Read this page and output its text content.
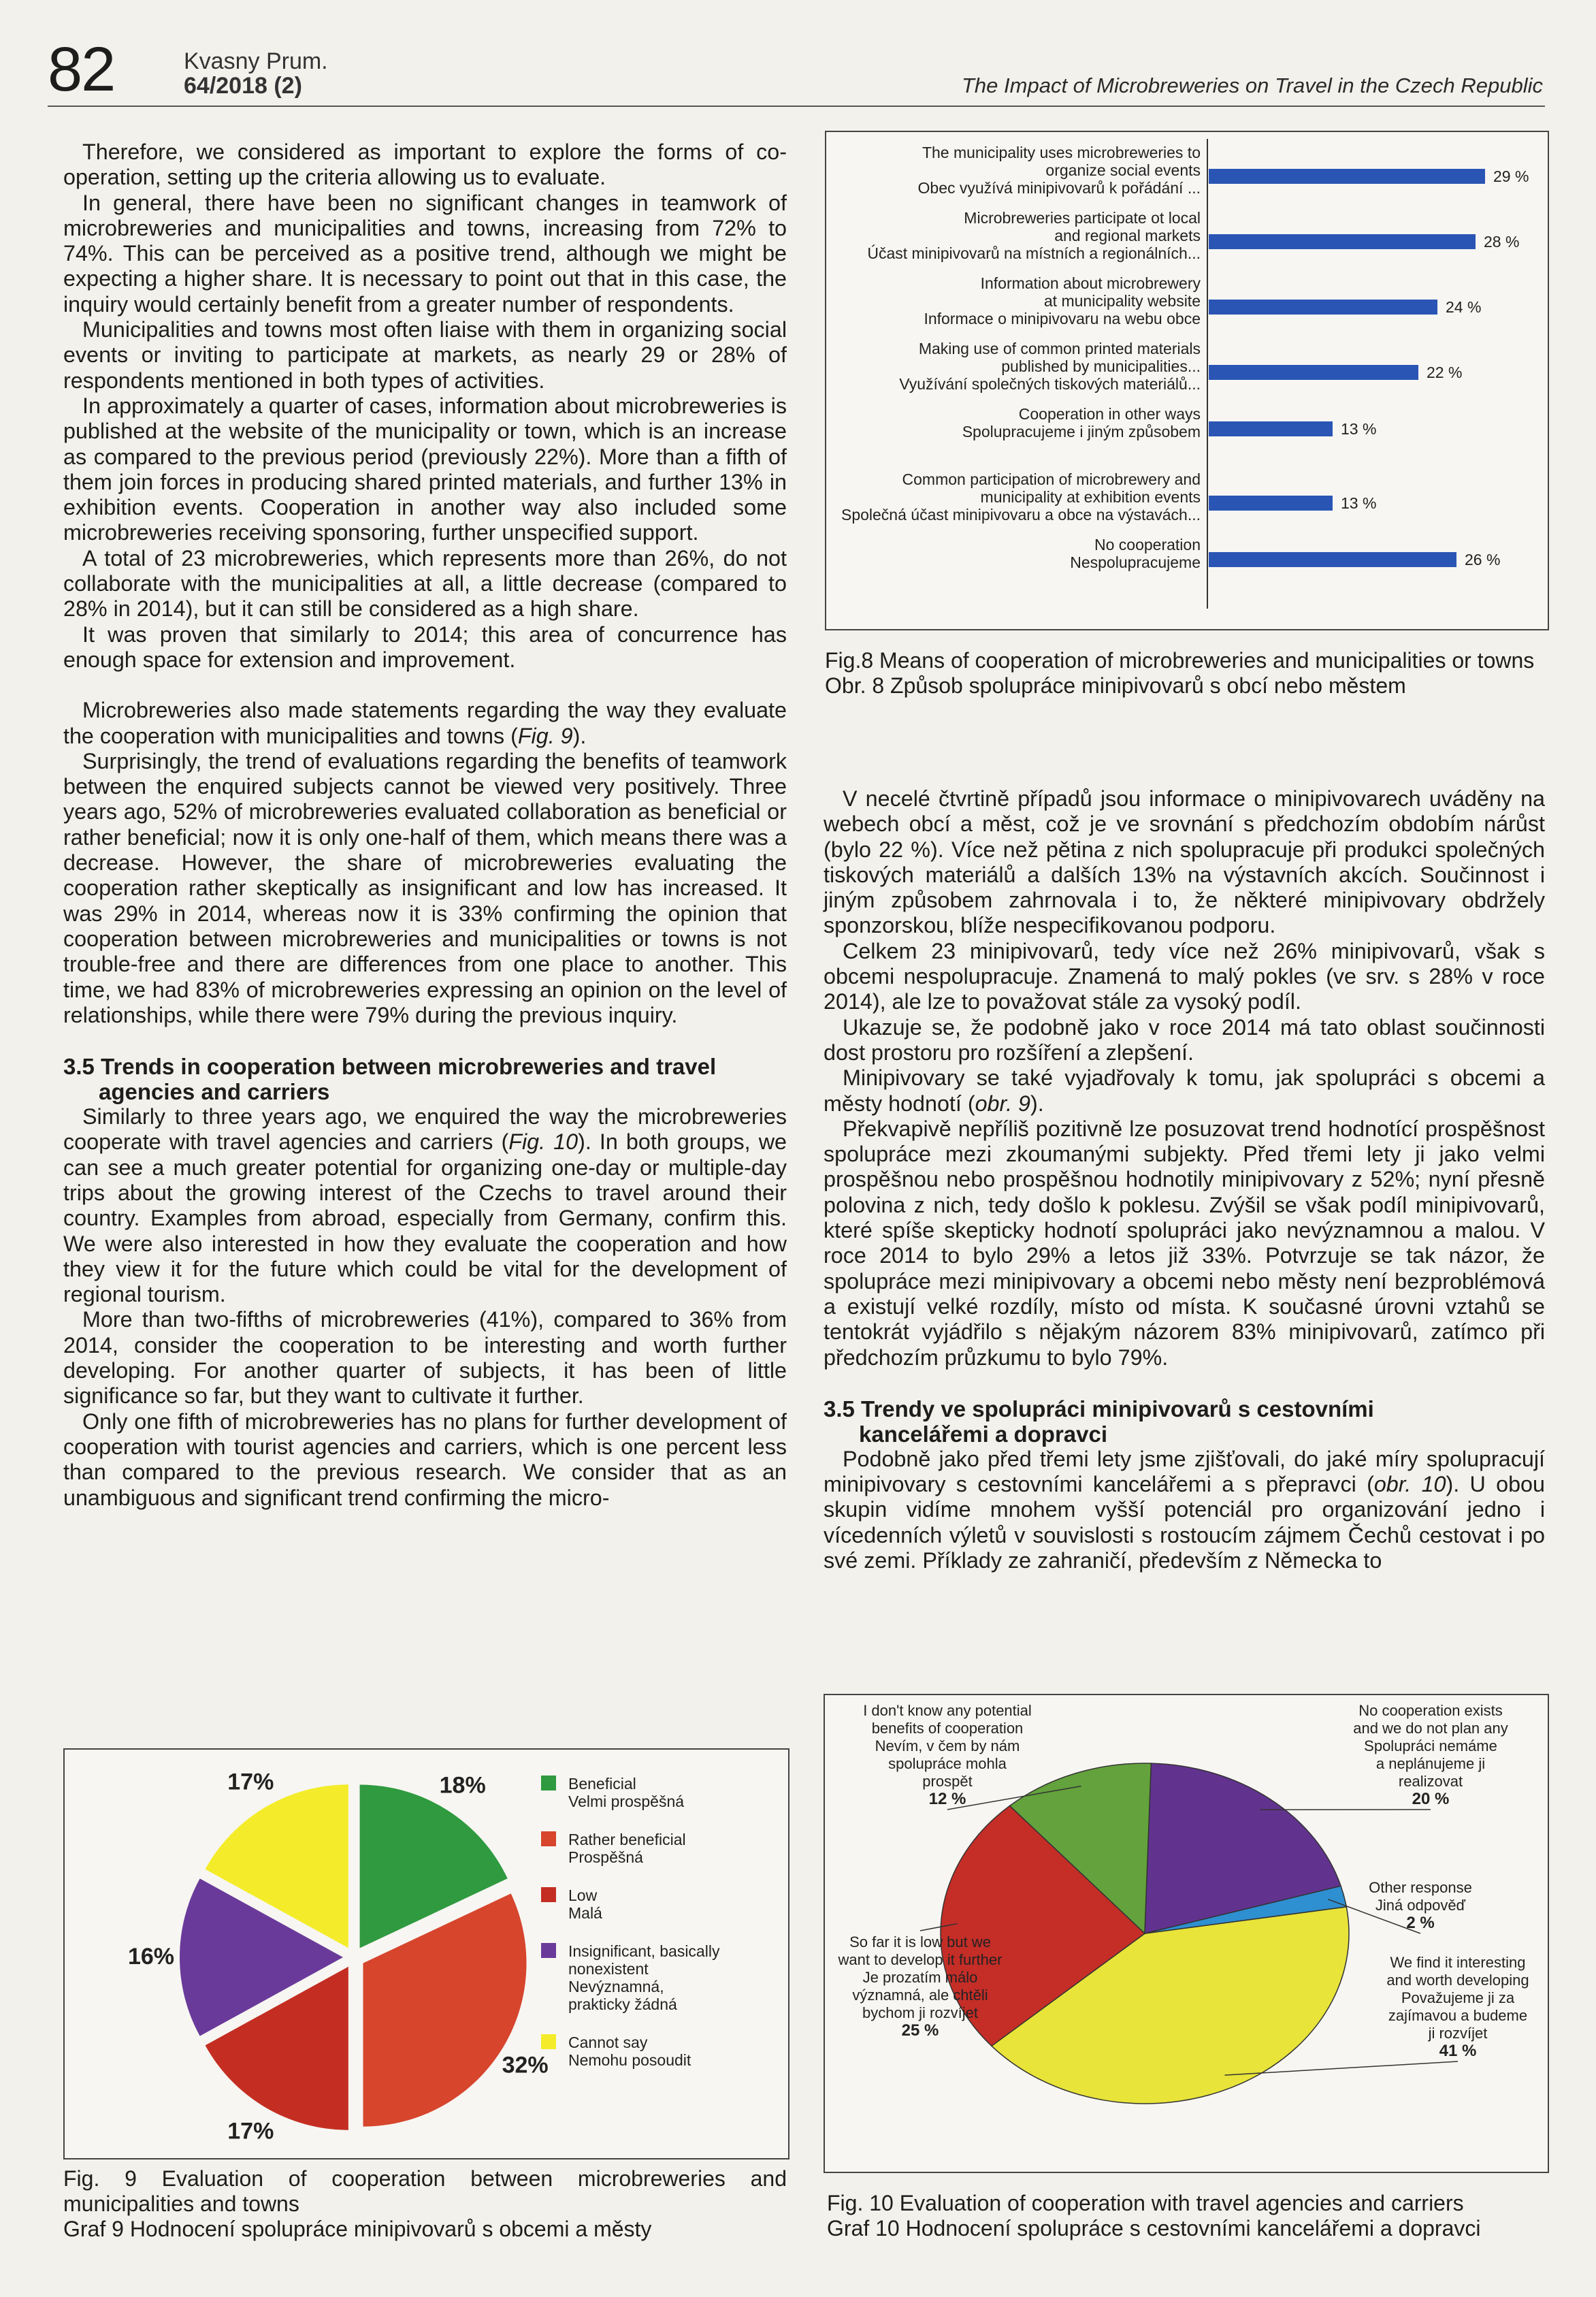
82	Kvasny Prum.
64/2018 (2)	The Impact of Microbreweries on Travel in the Czech Republic

Therefore, we considered as important to explore the forms of co-operation, setting up the criteria allowing us to evaluate.

In general, there have been no significant changes in teamwork of microbreweries and municipalities and towns, increasing from 72% to 74%. This can be perceived as a positive trend, although we might be expecting a higher share. It is necessary to point out that in this case, the inquiry would certainly benefit from a greater number of respondents.

Municipalities and towns most often liaise with them in organizing social events or inviting to participate at markets, as nearly 29 or 28% of respondents mentioned in both types of activities.

In approximately a quarter of cases, information about microbreweries is published at the website of the municipality or town, which is an increase as compared to the previous period (previously 22%). More than a fifth of them join forces in producing shared printed materials, and further 13% in exhibition events. Cooperation in another way also included some microbreweries receiving sponsoring, further unspecified support.

A total of 23 microbreweries, which represents more than 26%, do not collaborate with the municipalities at all, a little decrease (compared to 28% in 2014), but it can still be considered as a high share.

It was proven that similarly to 2014; this area of concurrence has enough space for extension and improvement.

Microbreweries also made statements regarding the way they evaluate the cooperation with municipalities and towns (Fig. 9).

Surprisingly, the trend of evaluations regarding the benefits of teamwork between the enquired subjects cannot be viewed very positively. Three years ago, 52% of microbreweries evaluated collaboration as beneficial or rather beneficial; now it is only one-half of them, which means there was a decrease. However, the share of microbreweries evaluating the cooperation rather skeptically as insignificant and low has increased. It was 29% in 2014, whereas now it is 33% confirming the opinion that cooperation between microbreweries and municipalities or towns is not trouble-free and there are differences from one place to another. This time, we had 83% of microbreweries expressing an opinion on the level of relationships, while there were 79% during the previous inquiry.

3.5 Trends in cooperation between microbreweries and travel
agencies and carriers

Similarly to three years ago, we enquired the way the microbreweries cooperate with travel agencies and carriers (Fig. 10). In both groups, we can see a much greater potential for organizing one-day or multiple-day trips about the growing interest of the Czechs to travel around their country. Examples from abroad, especially from Germany, confirm this. We were also interested in how they evaluate the cooperation and how they view it for the future which could be vital for the development of regional tourism.

More than two-fifths of microbreweries (41%), compared to 36% from 2014, consider the cooperation to be interesting and worth further developing. For another quarter of subjects, it has been of little significance so far, but they want to cultivate it further.

Only one fifth of microbreweries has no plans for further development of cooperation with tourist agencies and carriers, which is one percent less than compared to the previous research. We consider that as an unambiguous and significant trend confirming the micro-

The municipality uses microbreweries to
organize social events
Obec využívá minipivovarů k pořádání ...
29 %
Microbreweries participate ot local
and regional markets
Účast minipivovarů na místních a regionálních...
28 %
Information about microbrewery
at municipality website
Informace o minipivovaru na webu obce
24 %
Making use of common printed materials
published by municipalities...
Využívání společných tiskových materiálů...
22 %
Cooperation in other ways
Spolupracujeme i jiným způsobem	13 %
Common participation of microbrewery and
municipality at exhibition events
Společná účast minipivovaru a obce na výstavách...
13 %
No cooperation
Nespolupracujeme	26 %
Fig.8 Means of cooperation of microbreweries and municipalities or towns
Obr. 8 Způsob spolupráce minipivovarů s obcí nebo městem

V necelé čtvrtině případů jsou informace o minipivovarech uváděny na webech obcí a měst, což je ve srovnání s předchozím obdobím nárůst (bylo 22 %). Více než pětina z nich spolupracuje při produkci společných tiskových materiálů a dalších 13% na výstavních akcích. Součinnost i jiným způsobem zahrnovala i to, že některé minipivovary obdržely sponzorskou, blíže nespecifikovanou podporu.

Celkem 23 minipivovarů, tedy více než 26% minipivovarů, však s obcemi nespolupracuje. Znamená to malý pokles (ve srv. s 28% v roce 2014), ale lze to považovat stále za vysoký podíl.

Ukazuje se, že podobně jako v roce 2014 má tato oblast součinnosti dost prostoru pro rozšíření a zlepšení.

Minipivovary se také vyjadřovaly k tomu, jak spolupráci s obcemi a městy hodnotí (obr. 9).

Překvapivě nepříliš pozitivně lze posuzovat trend hodnotící prospěšnost spolupráce mezi zkoumanými subjekty. Před třemi lety ji jako velmi prospěšnou nebo prospěšnou hodnotily minipivovary z 52%; nyní přesně polovina z nich, tedy došlo k poklesu. Zvýšil se však podíl minipivovarů, které spíše skepticky hodnotí spolupráci jako nevýznamnou a malou. V roce 2014 to bylo 29% a letos již 33%. Potvrzuje se tak názor, že spolupráce mezi minipivovary a obcemi nebo městy není bezproblémová a existují velké rozdíly, místo od místa. K současné úrovni vztahů se tentokrát vyjádřilo s nějakým názorem 83% minipivovarů, zatímco při předchozím průzkumu to bylo 79%.

3.5 Trendy ve spolupráci minipivovarů s cestovními
kancelářemi a dopravci

Podobně jako před třemi lety jsme zjišťovali, do jaké míry spolupracují minipivovary s cestovními kancelářemi a s přepravci (obr. 10). U obou skupin vidíme mnohem vyšší potenciál pro organizování jedno i vícedenních výletů v souvislosti s rostoucím zájmem Čechů cestovat i po své zemi. Příklady ze zahraničí, především z Německa to

18%
32%
17%
16%
17%	Beneficial
Velmi prospěšná
Rather beneficial
Prospěšná
Low
Malá
Insignificant, basically
nonexistent
Nevýznamná,
prakticky žádná
Cannot say
Nemohu posoudit
Fig. 9 Evaluation of cooperation between microbreweries and municipalities and towns
Graf 9 Hodnocení spolupráce minipivovarů s obcemi a městy
We find it interesting
and worth developing
Považujeme ji za
zajímavou a budeme
ji rozvíjet
41 %
So far it is low but we
want to develop it further
Je prozatím málo
významná, ale chtěli
bychom ji rozvíjet
25 %
I don't know any potential
benefits of cooperation
Nevím, v čem by nám
spolupráce mohla
prospět
12 %
No cooperation exists
and we do not plan any
Spolupráci nemáme
a neplánujeme ji
realizovat
20 %
Other response
Jiná odpověď
2 %
Fig. 10 Evaluation of cooperation with travel agencies and carriers
Graf 10 Hodnocení spolupráce s cestovními kancelářemi a dopravci
